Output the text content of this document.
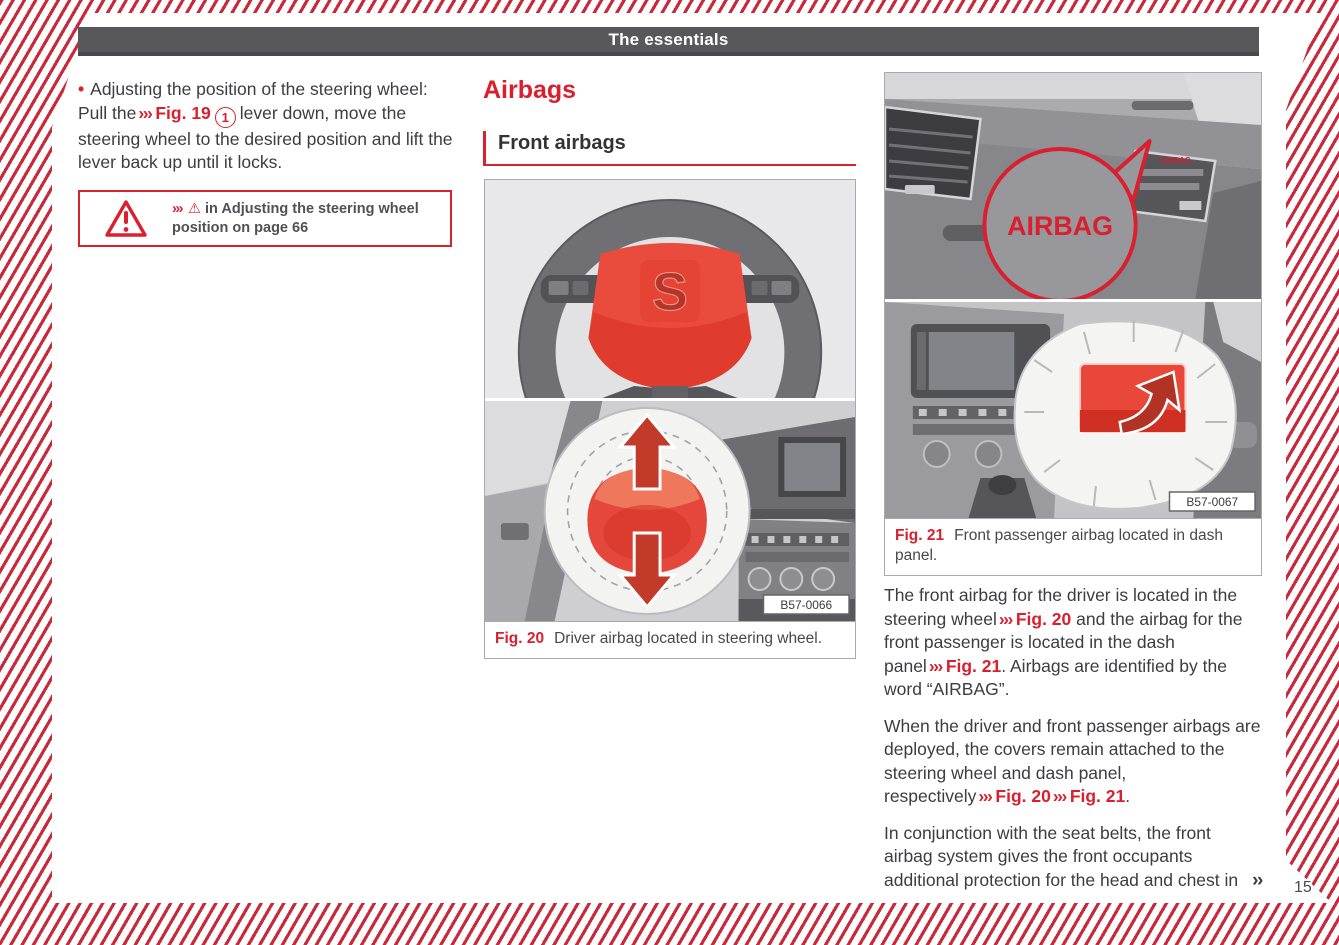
The essentials
• Adjusting the position of the steering wheel: Pull the ››› Fig. 19 1 lever down, move the steering wheel to the desired position and lift the lever back up until it locks.
››› ⚠ in Adjusting the steering wheel position on page 66
Airbags
Front airbags
S
B57-0066
Fig. 20 Driver airbag located in steering wheel.
AIRBAG
AIRBAG
B57-0067
Fig. 21 Front passenger airbag located in dash panel.

The front airbag for the driver is located in the steering wheel ››› Fig. 20 and the airbag for the front passenger is located in the dash panel ››› Fig. 21. Airbags are identified by the word “AIRBAG”.

When the driver and front passenger airbags are deployed, the covers remain attached to the steering wheel and dash panel, respectively ››› Fig. 20 ››› Fig. 21.

In conjunction with the seat belts, the front airbag system gives the front occupants additional protection for the head and chest in ›› 15
